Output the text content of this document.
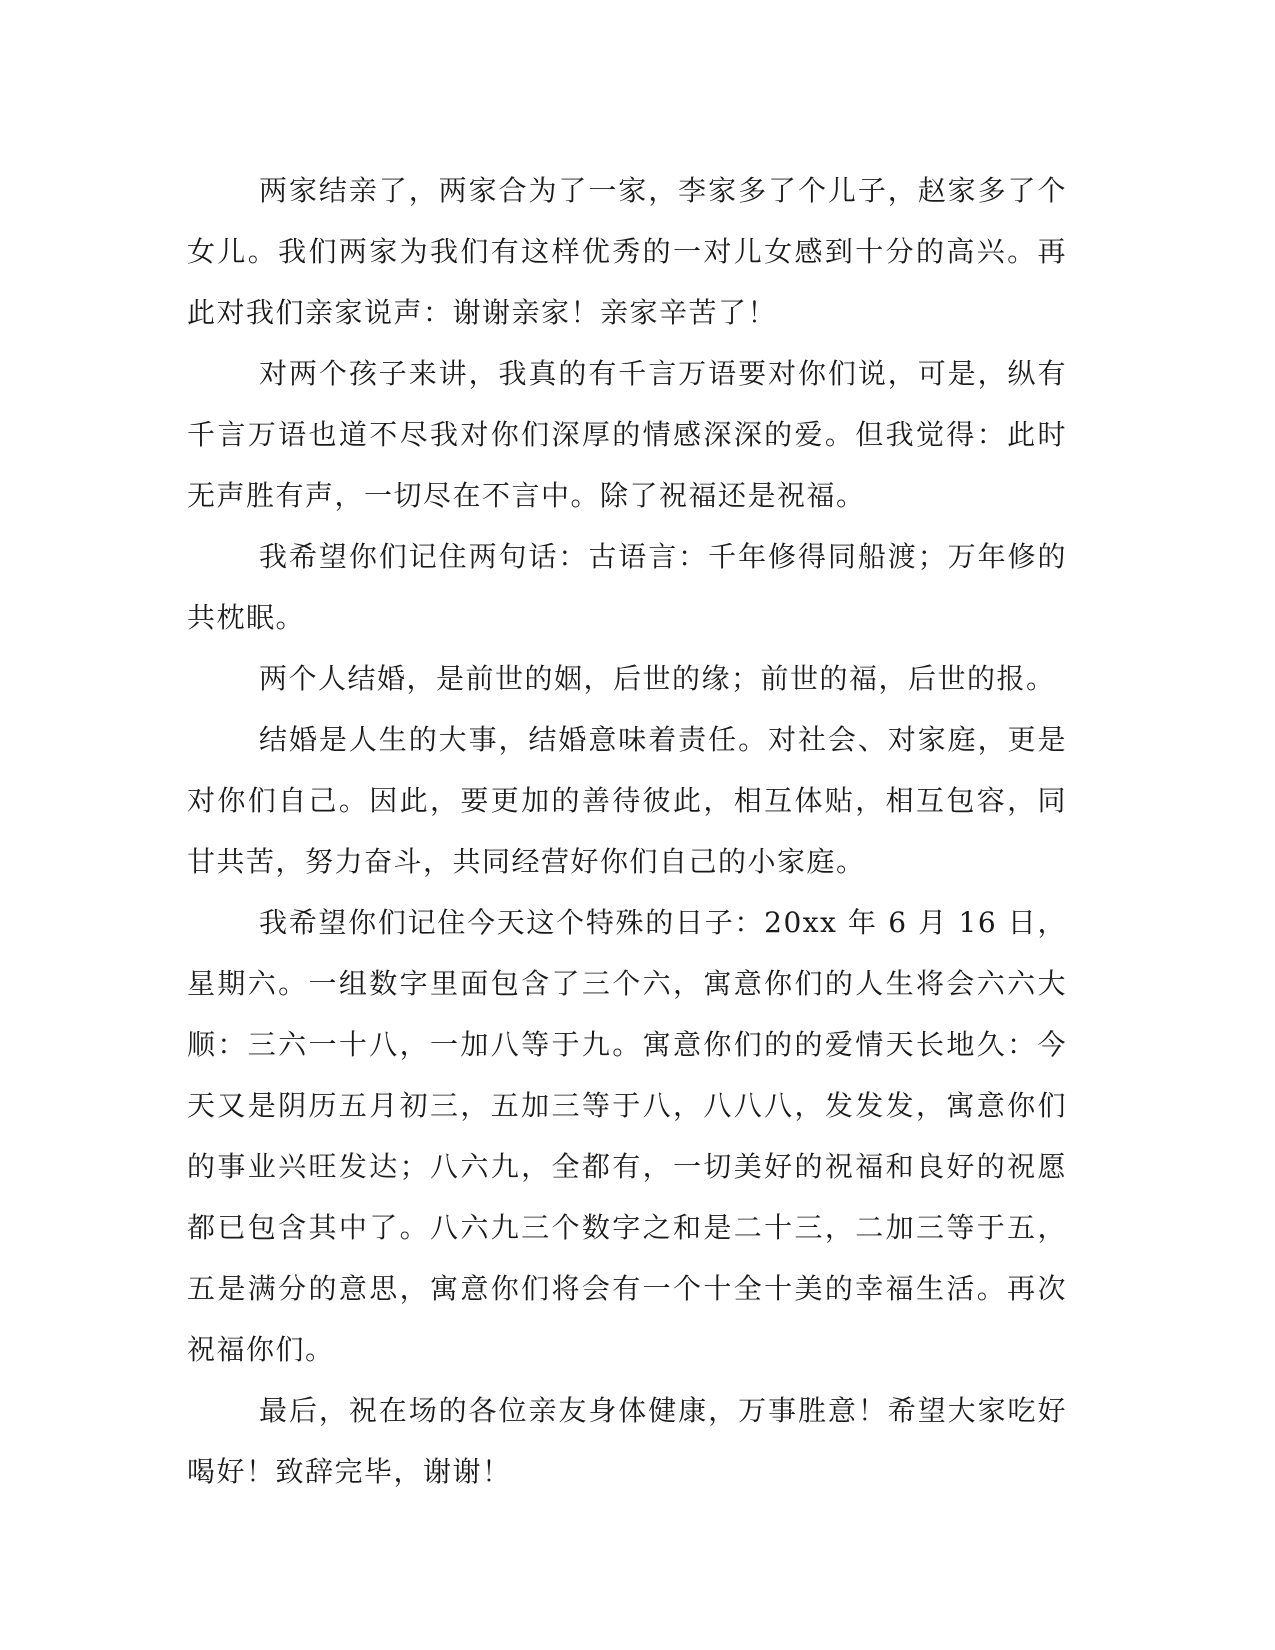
两家结亲了，两家合为了一家，李家多了个儿子，赵家多了个女儿。我们两家为我们有这样优秀的一对儿女感到十分的高兴。再此对我们亲家说声：谢谢亲家！亲家辛苦了！

对两个孩子来讲，我真的有千言万语要对你们说，可是，纵有千言万语也道不尽我对你们深厚的情感深深的爱。但我觉得：此时无声胜有声，一切尽在不言中。除了祝福还是祝福。

我希望你们记住两句话：古语言：千年修得同船渡；万年修的共枕眠。

两个人结婚，是前世的姻，后世的缘；前世的福，后世的报。

结婚是人生的大事，结婚意味着责任。对社会、对家庭，更是对你们自己。因此，要更加的善待彼此，相互体贴，相互包容，同甘共苦，努力奋斗，共同经营好你们自己的小家庭。

我希望你们记住今天这个特殊的日子：20xx 年 6 月 16 日，星期六。一组数字里面包含了三个六，寓意你们的人生将会六六大顺：三六一十八，一加八等于九。寓意你们的的爱情天长地久：今天又是阴历五月初三，五加三等于八，八八八，发发发，寓意你们的事业兴旺发达；八六九，全都有，一切美好的祝福和良好的祝愿都已包含其中了。八六九三个数字之和是二十三，二加三等于五，五是满分的意思，寓意你们将会有一个十全十美的幸福生活。再次祝福你们。

最后，祝在场的各位亲友身体健康，万事胜意！希望大家吃好喝好！致辞完毕，谢谢！
